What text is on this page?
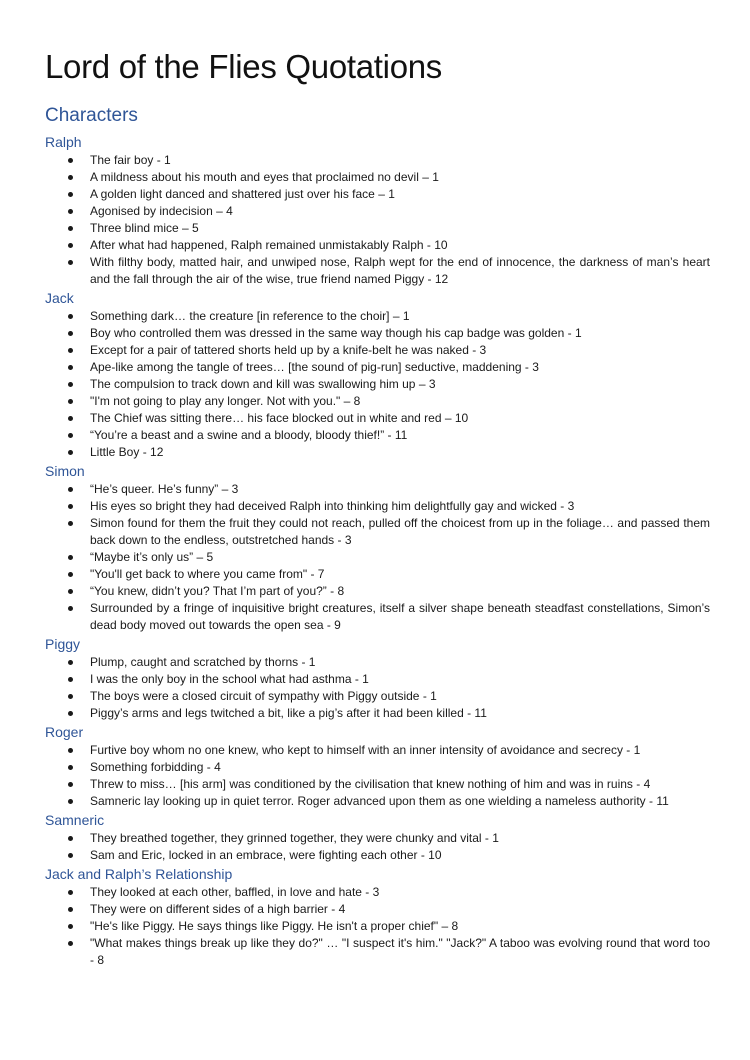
Lord of the Flies Quotations
Characters
Ralph
The fair boy - 1
A mildness about his mouth and eyes that proclaimed no devil – 1
A golden light danced and shattered just over his face – 1
Agonised by indecision – 4
Three blind mice – 5
After what had happened, Ralph remained unmistakably Ralph - 10
With filthy body, matted hair, and unwiped nose, Ralph wept for the end of innocence, the darkness of man’s heart and the fall through the air of the wise, true friend named Piggy - 12
Jack
Something dark… the creature [in reference to the choir] – 1
Boy who controlled them was dressed in the same way though his cap badge was golden - 1
Except for a pair of tattered shorts held up by a knife-belt he was naked - 3
Ape-like among the tangle of trees… [the sound of pig-run] seductive, maddening - 3
The compulsion to track down and kill was swallowing him up – 3
"I'm not going to play any longer. Not with you." – 8
The Chief was sitting there… his face blocked out in white and red – 10
“You’re a beast and a swine and a bloody, bloody thief!” - 11
Little Boy - 12
Simon
“He’s queer. He’s funny” – 3
His eyes so bright they had deceived Ralph into thinking him delightfully gay and wicked - 3
Simon found for them the fruit they could not reach, pulled off the choicest from up in the foliage… and passed them back down to the endless, outstretched hands - 3
“Maybe it’s only us” – 5
"You'll get back to where you came from" - 7
“You knew, didn’t you? That I’m part of you?” - 8
Surrounded by a fringe of inquisitive bright creatures, itself a silver shape beneath steadfast constellations, Simon’s dead body moved out towards the open sea - 9
Piggy
Plump, caught and scratched by thorns - 1
I was the only boy in the school what had asthma - 1
The boys were a closed circuit of sympathy with Piggy outside - 1
Piggy’s arms and legs twitched a bit, like a pig’s after it had been killed - 11
Roger
Furtive boy whom no one knew, who kept to himself with an inner intensity of avoidance and secrecy - 1
Something forbidding - 4
Threw to miss… [his arm] was conditioned by the civilisation that knew nothing of him and was in ruins - 4
Samneric lay looking up in quiet terror. Roger advanced upon them as one wielding a nameless authority - 11
Samneric
They breathed together, they grinned together, they were chunky and vital - 1
Sam and Eric, locked in an embrace, were fighting each other - 10
Jack and Ralph’s Relationship
They looked at each other, baffled, in love and hate - 3
They were on different sides of a high barrier - 4
"He's like Piggy. He says things like Piggy. He isn't a proper chief" – 8
"What makes things break up like they do?" … "I suspect it's him." "Jack?" A taboo was evolving round that word too - 8
